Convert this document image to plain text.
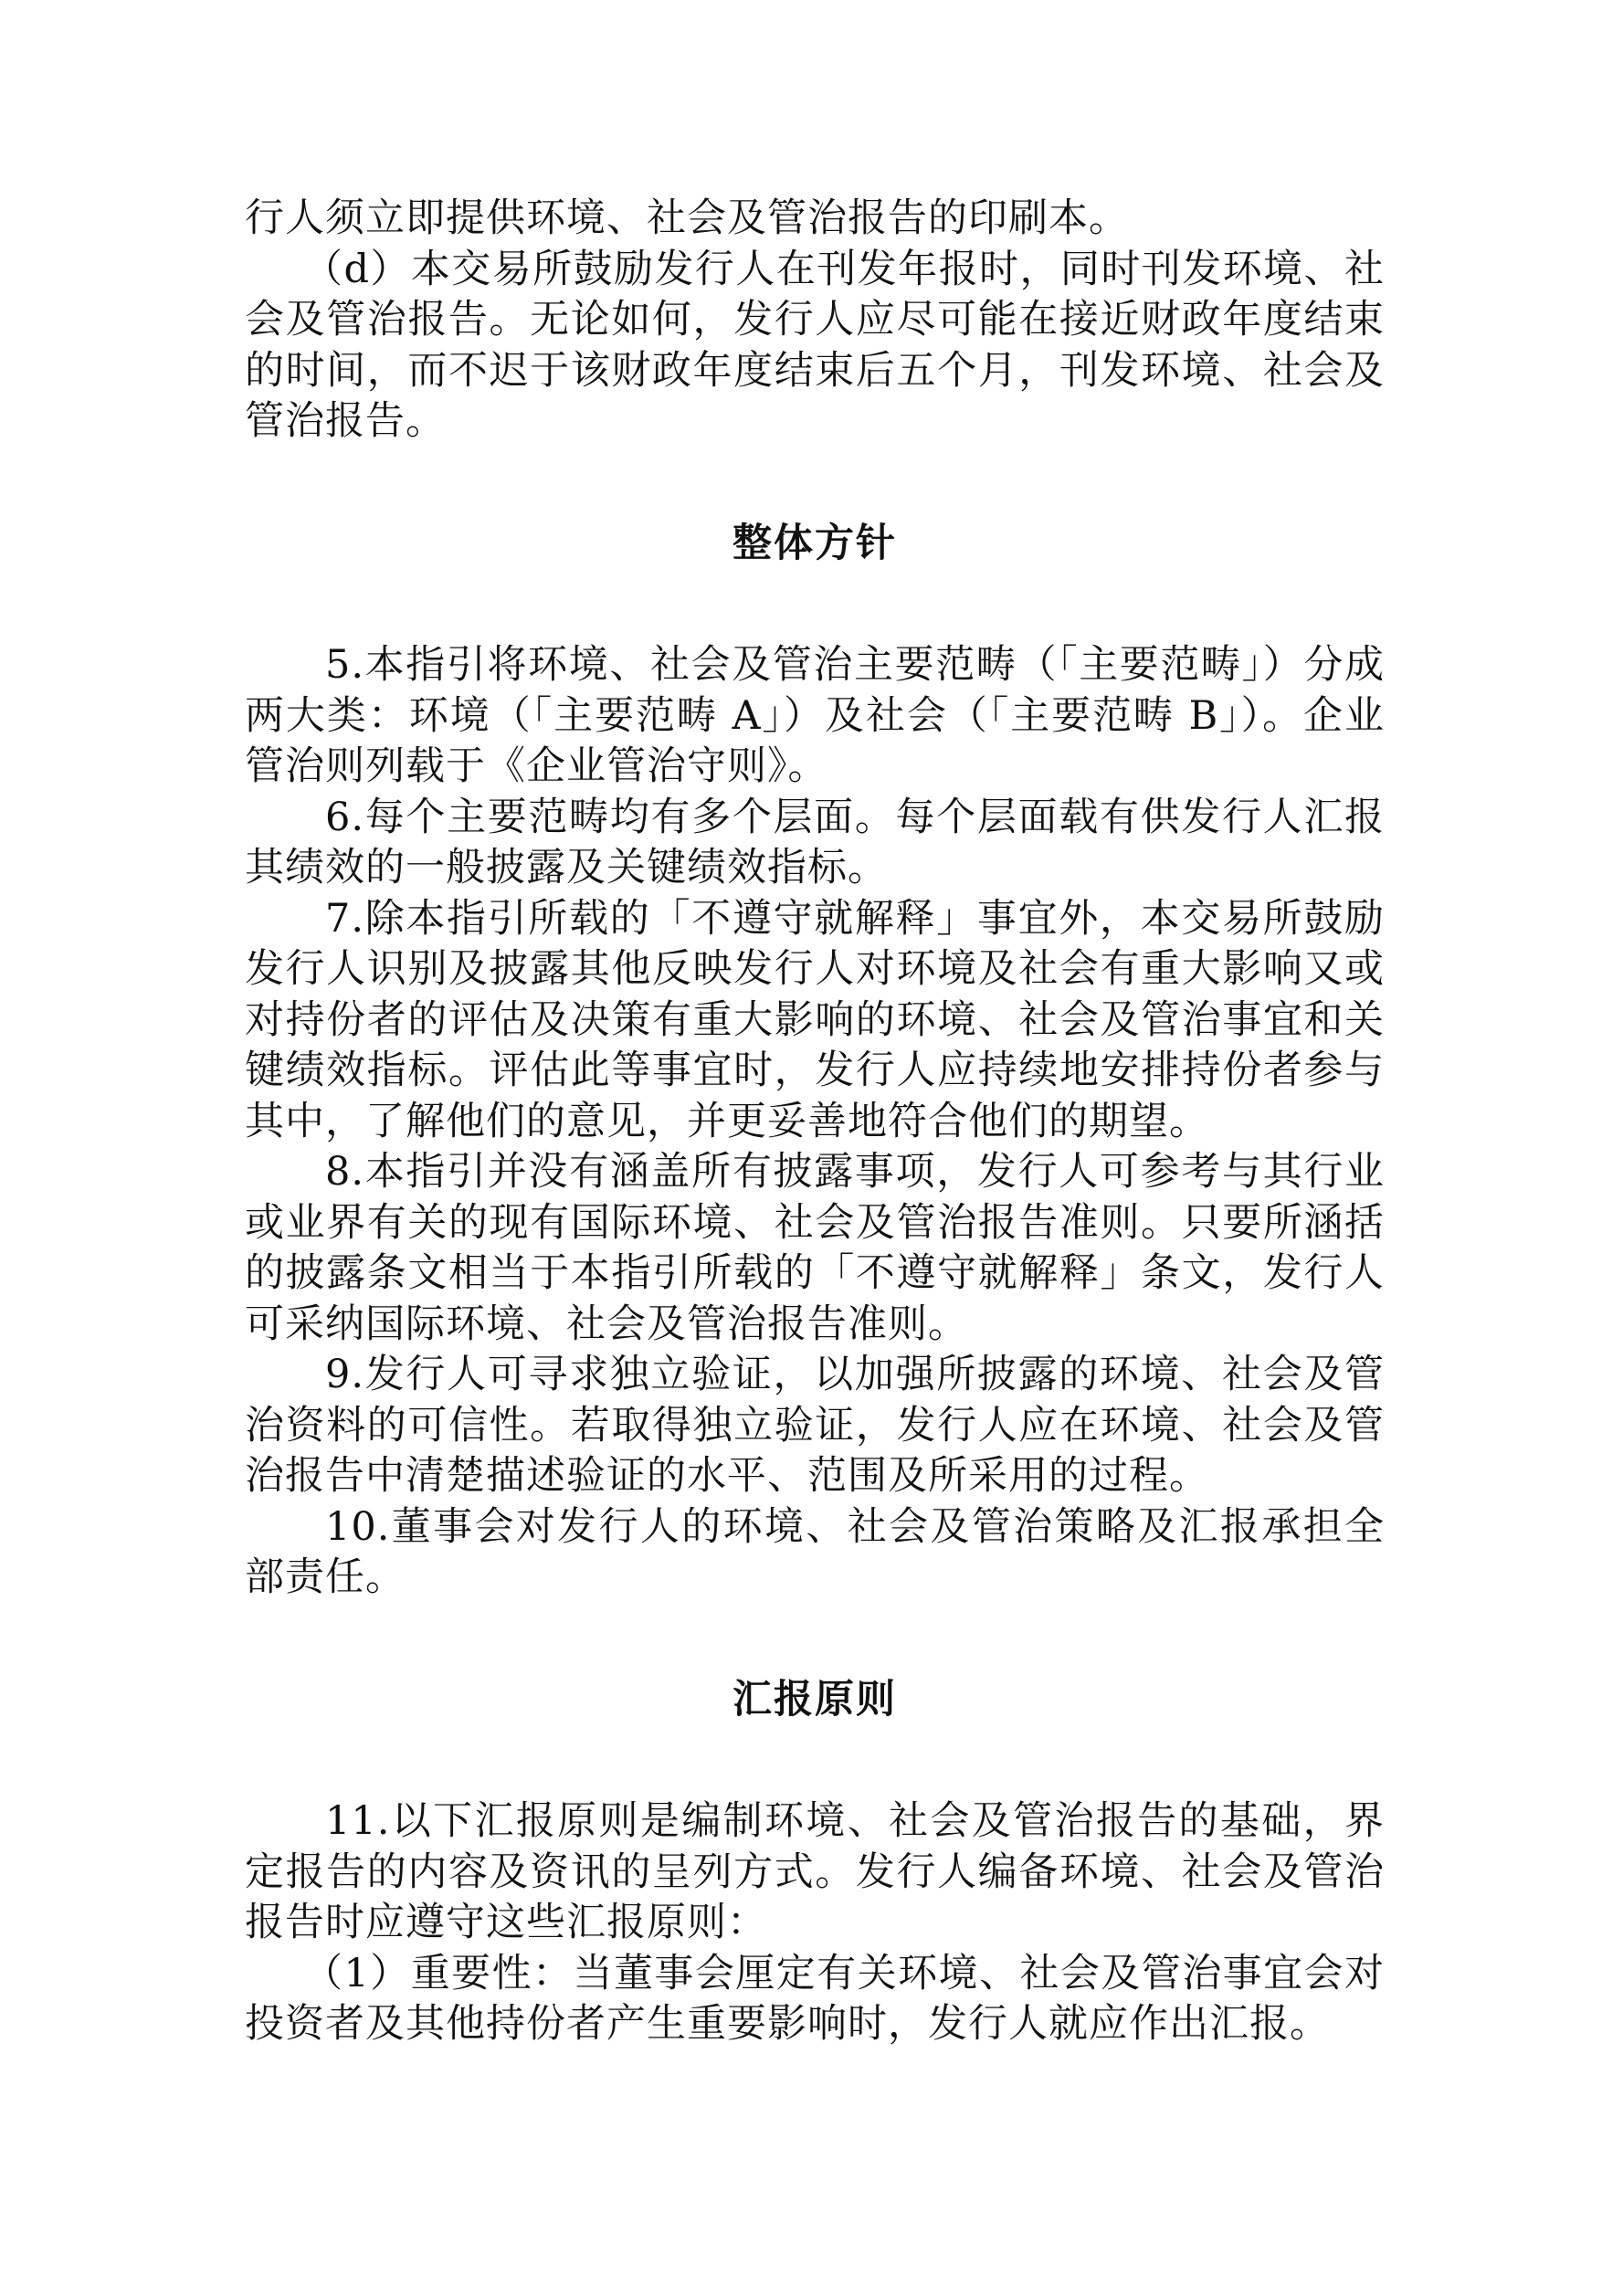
行人须立即提供环境、社会及管治报告的印刷本。

（d）本交易所鼓励发行人在刊发年报时，同时刊发环境、社会及管治报告。无论如何，发行人应尽可能在接近财政年度结束的时间，而不迟于该财政年度结束后五个月，刊发环境、社会及管治报告。

整体方针

5.本指引将环境、社会及管治主要范畴（「主要范畴」）分成两大类：环境（「主要范畴 A」）及社会（「主要范畴 B」）。企业管治则列载于《企业管治守则》。

6.每个主要范畴均有多个层面。每个层面载有供发行人汇报其绩效的一般披露及关键绩效指标。

7.除本指引所载的「不遵守就解释」事宜外，本交易所鼓励发行人识别及披露其他反映发行人对环境及社会有重大影响又或对持份者的评估及决策有重大影响的环境、社会及管治事宜和关键绩效指标。评估此等事宜时，发行人应持续地安排持份者参与其中，了解他们的意见，并更妥善地符合他们的期望。

8.本指引并没有涵盖所有披露事项，发行人可参考与其行业或业界有关的现有国际环境、社会及管治报告准则。只要所涵括的披露条文相当于本指引所载的「不遵守就解释」条文，发行人可采纳国际环境、社会及管治报告准则。

9.发行人可寻求独立验证，以加强所披露的环境、社会及管治资料的可信性。若取得独立验证，发行人应在环境、社会及管治报告中清楚描述验证的水平、范围及所采用的过程。

10.董事会对发行人的环境、社会及管治策略及汇报承担全部责任。

汇报原则

11.以下汇报原则是编制环境、社会及管治报告的基础，界定报告的内容及资讯的呈列方式。发行人编备环境、社会及管治报告时应遵守这些汇报原则：

（1）重要性：当董事会厘定有关环境、社会及管治事宜会对投资者及其他持份者产生重要影响时，发行人就应作出汇报。
